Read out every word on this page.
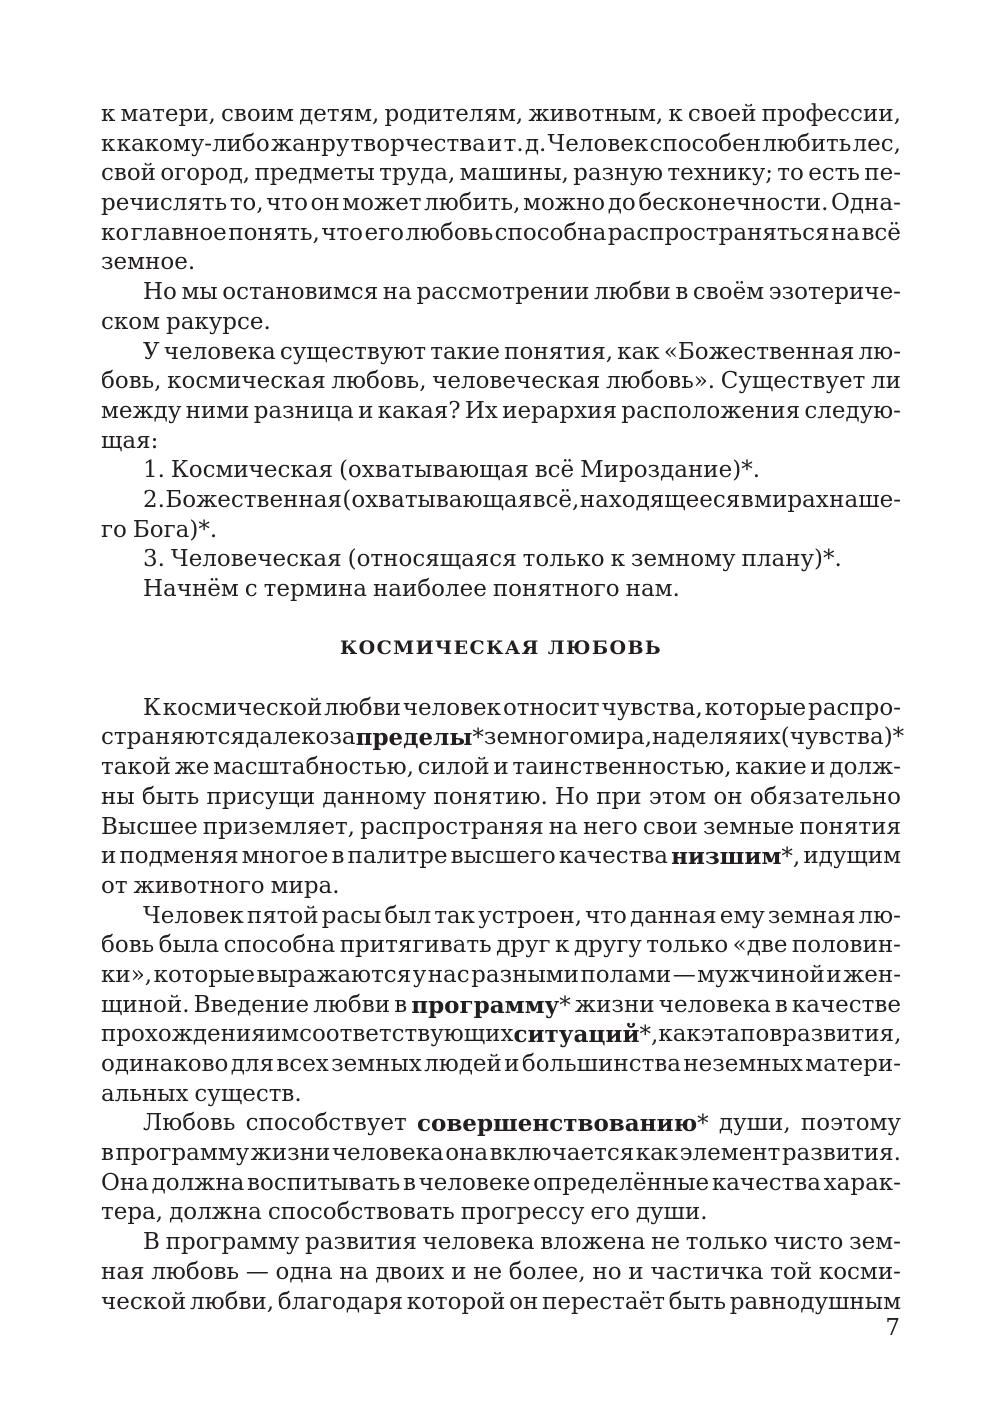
к матери, своим детям, родителям, животным, к своей профессии,
к какому-либо жанру творчества и т. д. Человек способен любить лес,
свой огород, предметы труда, машины, разную технику; то есть пе-
речислять то, что он может любить, можно до бесконечности. Одна-
ко главное понять, что его любовь способна распространяться на всё
земное.
Но мы остановимся на рассмотрении любви в своём эзотериче-
ском ракурсе.
У человека существуют такие понятия, как «Божественная лю-
бовь, космическая любовь, человеческая любовь». Существует ли
между ними разница и какая? Их иерархия расположения следую-
щая:
1. Космическая (охватывающая всё Мироздание)*.
2. Божественная (охватывающая всё, находящееся в мирах наше-
го Бога)*.
3. Человеческая (относящаяся только к земному плану)*.
Начнём с термина наиболее понятного нам.
КОСМИЧЕСКАЯ ЛЮБОВЬ
К космической любви человек относит чувства, которые распро-
страняются далеко за пределы* земного мира, наделяя их (чувства)*
такой же масштабностью, силой и таинственностью, какие и долж-
ны быть присущи данному понятию. Но при этом он обязательно
Высшее приземляет, распространяя на него свои земные понятия
и подменяя многое в палитре высшего качества низшим*, идущим
от животного мира.
Человек пятой расы был так устроен, что данная ему земная лю-
бовь была способна притягивать друг к другу только «две половин-
ки», которые выражаются у нас разными полами — мужчиной и жен-
щиной. Введение любви в программу* жизни человека в качестве
прохождения им соответствующих ситуаций*, как этапов развития,
одинаково для всех земных людей и большинства неземных матери-
альных существ.
Любовь способствует совершенствованию* души, поэтому
в программу жизни человека она включается как элемент развития.
Она должна воспитывать в человеке определённые качества харак-
тера, должна способствовать прогрессу его души.
В программу развития человека вложена не только чисто зем-
ная любовь — одна на двоих и не более, но и частичка той косми-
ческой любви, благодаря которой он перестаёт быть равнодушным
7
